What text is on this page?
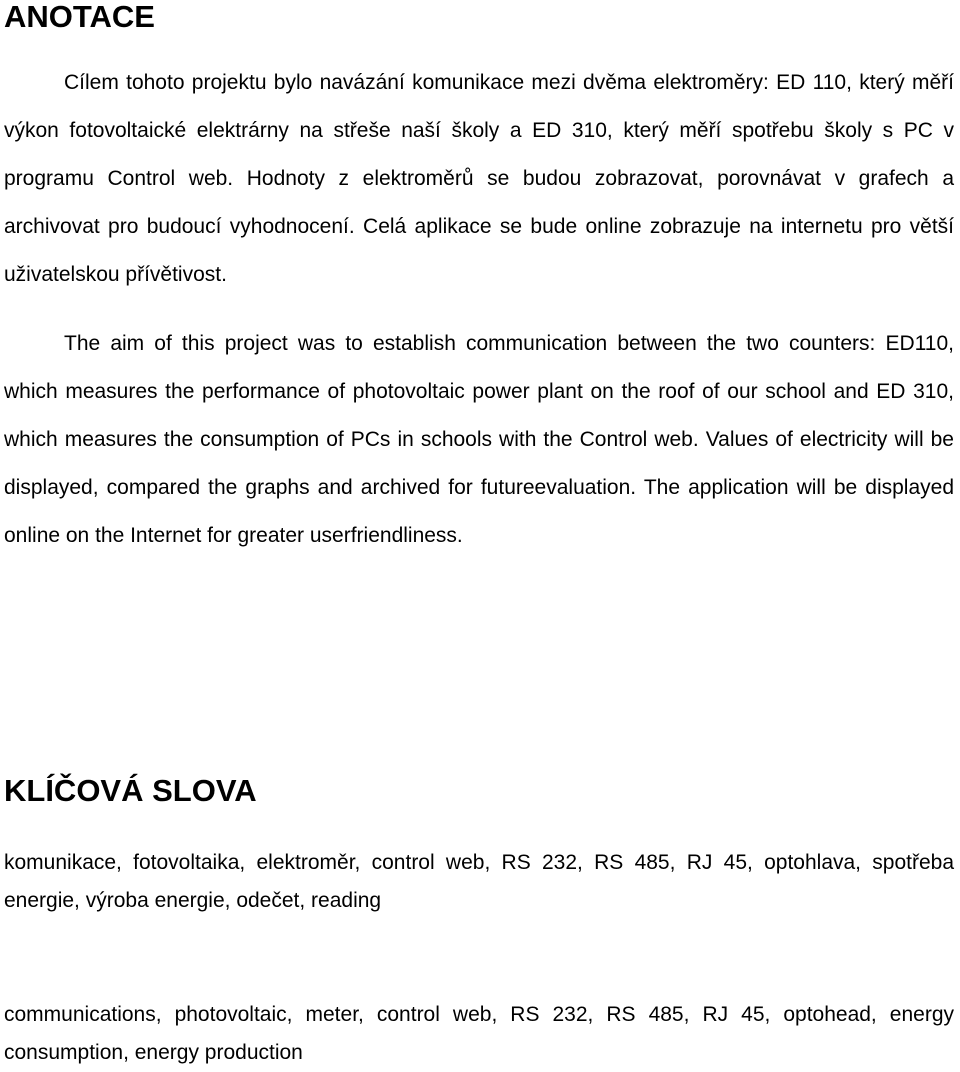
ANOTACE

Cílem tohoto projektu bylo navázání komunikace mezi dvěma elektroměry: ED 110, který měří výkon fotovoltaické elektrárny na střeše naší školy a ED 310, který měří spotřebu školy s PC v programu Control web. Hodnoty z elektroměrů se budou zobrazovat, porovnávat v grafech a archivovat pro budoucí vyhodnocení. Celá aplikace se bude online zobrazuje na internetu pro větší uživatelskou přívětivost.

The aim of this project was to establish communication between the two counters: ED110, which measures the performance of photovoltaic power plant on the roof of our school and ED 310, which measures the consumption of PCs in schools with the Control web. Values of electricity will be displayed, compared the graphs and archived for futureevaluation. The application will be displayed online on the Internet for greater userfriendliness.

KLÍČOVÁ SLOVA

komunikace, fotovoltaika, elektroměr, control web, RS 232, RS 485, RJ 45, optohlava, spotřeba energie, výroba energie, odečet, reading

communications, photovoltaic, meter, control web, RS 232, RS 485, RJ 45, optohead, energy consumption, energy production
